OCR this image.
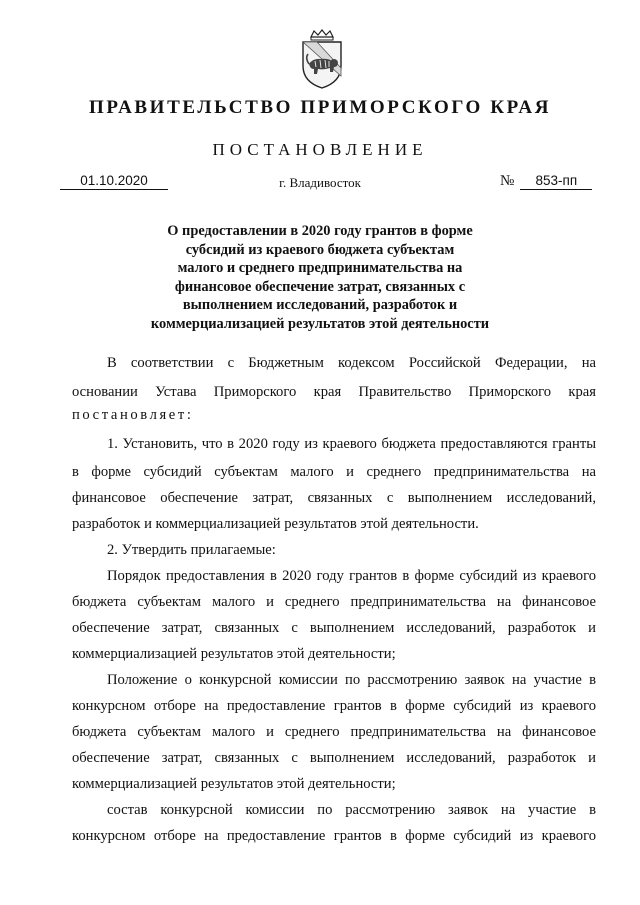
ПРАВИТЕЛЬСТВО ПРИМОРСКОГО КРАЯ
ПОСТАНОВЛЕНИЕ
01.10.2020	г. Владивосток	№ 853-пп
О предоставлении в 2020 году грантов в форме
субсидий из краевого бюджета субъектам
малого и среднего предпринимательства на
финансовое обеспечение затрат, связанных с
выполнением исследований, разработок и
коммерциализацией результатов этой деятельности
В соответствии с Бюджетным кодексом Российской Федерации, на
основании Устава Приморского края Правительство Приморского края
постановляет:
1. Установить, что в 2020 году из краевого бюджета предоставляются гранты
в форме субсидий субъектам малого и среднего предпринимательства на
финансовое обеспечение затрат, связанных с выполнением исследований,
разработок и коммерциализацией результатов этой деятельности.
2. Утвердить прилагаемые:
Порядок предоставления в 2020 году грантов в форме субсидий из краевого
бюджета субъектам малого и среднего предпринимательства на финансовое
обеспечение затрат, связанных с выполнением исследований, разработок и
коммерциализацией результатов этой деятельности;
Положение о конкурсной комиссии по рассмотрению заявок на участие в
конкурсном отборе на предоставление грантов в форме субсидий из краевого
бюджета субъектам малого и среднего предпринимательства на финансовое
обеспечение затрат, связанных с выполнением исследований, разработок и
коммерциализацией результатов этой деятельности;
состав конкурсной комиссии по рассмотрению заявок на участие в
конкурсном отборе на предоставление грантов в форме субсидий из краевого
